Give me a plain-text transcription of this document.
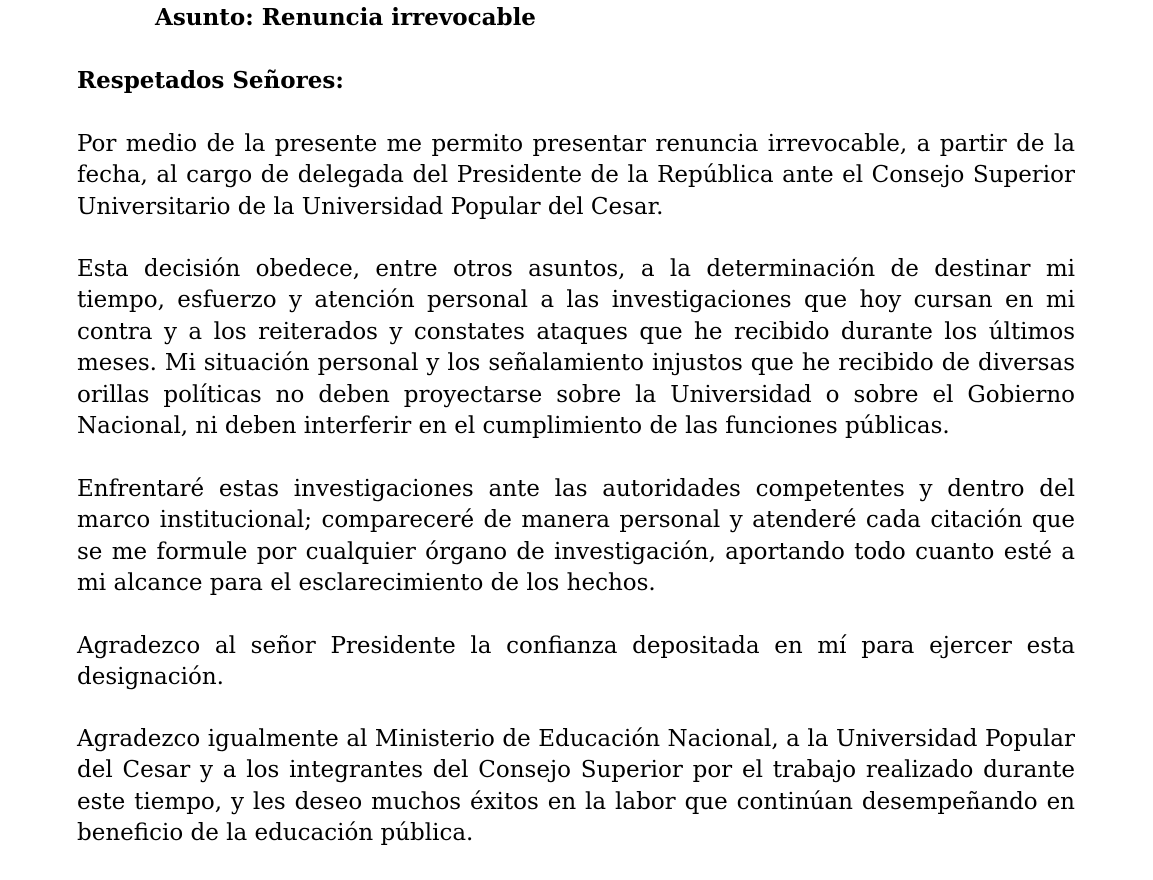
Asunto: Renuncia irrevocable
Respetados Señores:

Por medio de la presente me permito presentar renuncia irrevocable, a partir de la fecha, al cargo de delegada del Presidente de la República ante el Consejo Superior Universitario de la Universidad Popular del Cesar.

Esta decisión obedece, entre otros asuntos, a la determinación de destinar mi tiempo, esfuerzo y atención personal a las investigaciones que hoy cursan en mi contra y a los reiterados y constates ataques que he recibido durante los últimos meses. Mi situación personal y los señalamiento injustos que he recibido de diversas orillas políticas no deben proyectarse sobre la Universidad o sobre el Gobierno Nacional, ni deben interferir en el cumplimiento de las funciones públicas.

Enfrentaré estas investigaciones ante las autoridades competentes y dentro del marco institucional; compareceré de manera personal y atenderé cada citación que se me formule por cualquier órgano de investigación, aportando todo cuanto esté a mi alcance para el esclarecimiento de los hechos.

Agradezco al señor Presidente la confianza depositada en mí para ejercer esta designación.

Agradezco igualmente al Ministerio de Educación Nacional, a la Universidad Popular del Cesar y a los integrantes del Consejo Superior por el trabajo realizado durante este tiempo, y les deseo muchos éxitos en la labor que continúan desempeñando en beneficio de la educación pública.
